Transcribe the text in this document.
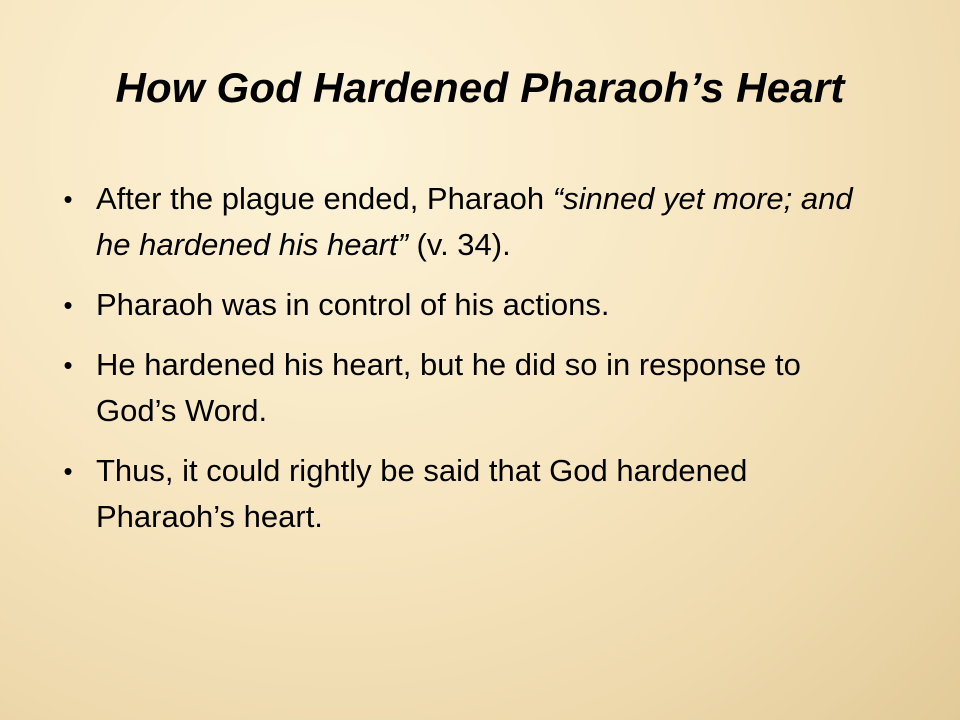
How God Hardened Pharaoh’s Heart
• After the plague ended, Pharaoh “sinned yet more; and he hardened his heart” (v. 34).
• Pharaoh was in control of his actions.
• He hardened his heart, but he did so in response to God’s Word.
• Thus, it could rightly be said that God hardened Pharaoh’s heart.
